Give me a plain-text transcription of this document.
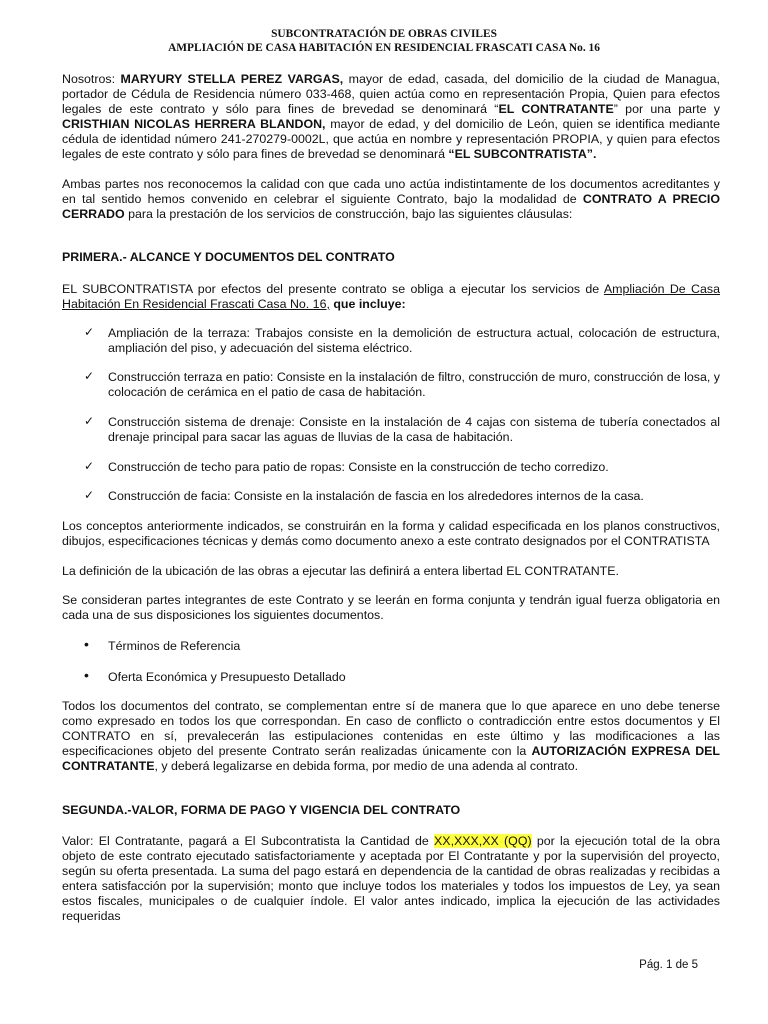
SUBCONTRATACIÓN DE OBRAS CIVILES
AMPLIACIÓN DE CASA HABITACIÓN EN RESIDENCIAL FRASCATI CASA No. 16

Nosotros: MARYURY STELLA PEREZ VARGAS, mayor de edad, casada, del domicilio de la ciudad de Managua, portador de Cédula de Residencia número 033-468, quien actúa como en representación Propia, Quien para efectos legales de este contrato y sólo para fines de brevedad se denominará “EL CONTRATANTE” por una parte y CRISTHIAN NICOLAS HERRERA BLANDON, mayor de edad, y del domicilio de León, quien se identifica mediante cédula de identidad número 241-270279-0002L, que actúa en nombre y representación PROPIA, y quien para efectos legales de este contrato y sólo para fines de brevedad se denominará “EL SUBCONTRATISTA”.

Ambas partes nos reconocemos la calidad con que cada uno actúa indistintamente de los documentos acreditantes y en tal sentido hemos convenido en celebrar el siguiente Contrato, bajo la modalidad de CONTRATO A PRECIO CERRADO para la prestación de los servicios de construcción, bajo las siguientes cláusulas:

PRIMERA.- ALCANCE Y DOCUMENTOS DEL CONTRATO

EL SUBCONTRATISTA por efectos del presente contrato se obliga a ejecutar los servicios de Ampliación De Casa Habitación En Residencial Frascati Casa No. 16, que incluye:

✓ Ampliación de la terraza: Trabajos consiste en la demolición de estructura actual, colocación de estructura, ampliación del piso, y adecuación del sistema eléctrico.
✓ Construcción terraza en patio: Consiste en la instalación de filtro, construcción de muro, construcción de losa, y colocación de cerámica en el patio de casa de habitación.
✓ Construcción sistema de drenaje: Consiste en la instalación de 4 cajas con sistema de tubería conectados al drenaje principal para sacar las aguas de lluvias de la casa de habitación.
✓ Construcción de techo para patio de ropas: Consiste en la construcción de techo corredizo.
✓ Construcción de facia: Consiste en la instalación de fascia en los alrededores internos de la casa.
Los conceptos anteriormente indicados, se construirán en la forma y calidad especificada en los planos constructivos, dibujos, especificaciones técnicas y demás como documento anexo a este contrato designados por el CONTRATISTA
La definición de la ubicación de las obras a ejecutar las definirá a entera libertad EL CONTRATANTE.
Se consideran partes integrantes de este Contrato y se leerán en forma conjunta y tendrán igual fuerza obligatoria en cada una de sus disposiciones los siguientes documentos.
• Términos de Referencia
• Oferta Económica y Presupuesto Detallado

Todos los documentos del contrato, se complementan entre sí de manera que lo que aparece en uno debe tenerse como expresado en todos los que correspondan. En caso de conflicto o contradicción entre estos documentos y El CONTRATO en sí, prevalecerán las estipulaciones contenidas en este último y las modificaciones a las especificaciones objeto del presente Contrato serán realizadas únicamente con la AUTORIZACIÓN EXPRESA DEL CONTRATANTE, y deberá legalizarse en debida forma, por medio de una adenda al contrato.

SEGUNDA.-VALOR, FORMA DE PAGO Y VIGENCIA DEL CONTRATO

Valor: El Contratante, pagará a El Subcontratista la Cantidad de XX,XXX,XX (QQ) por la ejecución total de la obra objeto de este contrato ejecutado satisfactoriamente y aceptada por El Contratante y por la supervisión del proyecto, según su oferta presentada. La suma del pago estará en dependencia de la cantidad de obras realizadas y recibidas a entera satisfacción por la supervisión; monto que incluye todos los materiales y todos los impuestos de Ley, ya sean estos fiscales, municipales o de cualquier índole. El valor antes indicado, implica la ejecución de las actividades requeridas

Pág. 1 de 5
